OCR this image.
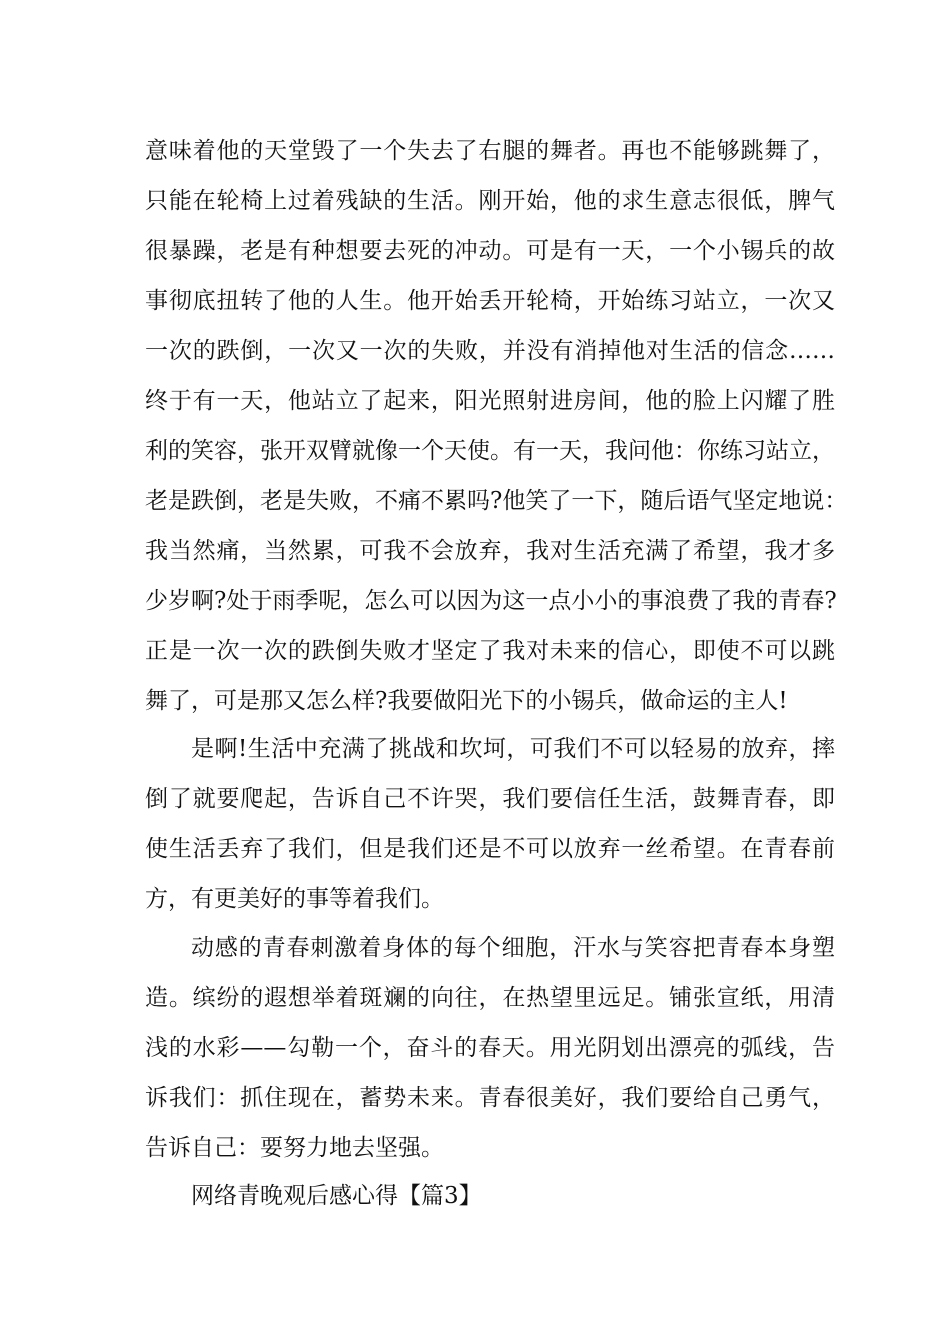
意味着他的天堂毁了一个失去了右腿的舞者。再也不能够跳舞了，
只能在轮椅上过着残缺的生活。刚开始，他的求生意志很低，脾气
很暴躁，老是有种想要去死的冲动。可是有一天，一个小锡兵的故
事彻底扭转了他的人生。他开始丢开轮椅，开始练习站立，一次又
一次的跌倒，一次又一次的失败，并没有消掉他对生活的信念……
终于有一天，他站立了起来，阳光照射进房间，他的脸上闪耀了胜
利的笑容，张开双臂就像一个天使。有一天，我问他：你练习站立，
老是跌倒，老是失败，不痛不累吗?他笑了一下，随后语气坚定地说：
我当然痛，当然累，可我不会放弃，我对生活充满了希望，我才多
少岁啊?处于雨季呢，怎么可以因为这一点小小的事浪费了我的青春?
正是一次一次的跌倒失败才坚定了我对未来的信心，即使不可以跳
舞了，可是那又怎么样?我要做阳光下的小锡兵，做命运的主人!
是啊!生活中充满了挑战和坎坷，可我们不可以轻易的放弃，摔
倒了就要爬起，告诉自己不许哭，我们要信任生活，鼓舞青春，即
使生活丢弃了我们，但是我们还是不可以放弃一丝希望。在青春前
方，有更美好的事等着我们。
动感的青春刺激着身体的每个细胞，汗水与笑容把青春本身塑
造。缤纷的遐想举着斑斓的向往，在热望里远足。铺张宣纸，用清
浅的水彩——勾勒一个，奋斗的春天。用光阴划出漂亮的弧线，告
诉我们：抓住现在，蓄势未来。青春很美好，我们要给自己勇气，
告诉自己：要努力地去坚强。
网络青晚观后感心得【篇3】
